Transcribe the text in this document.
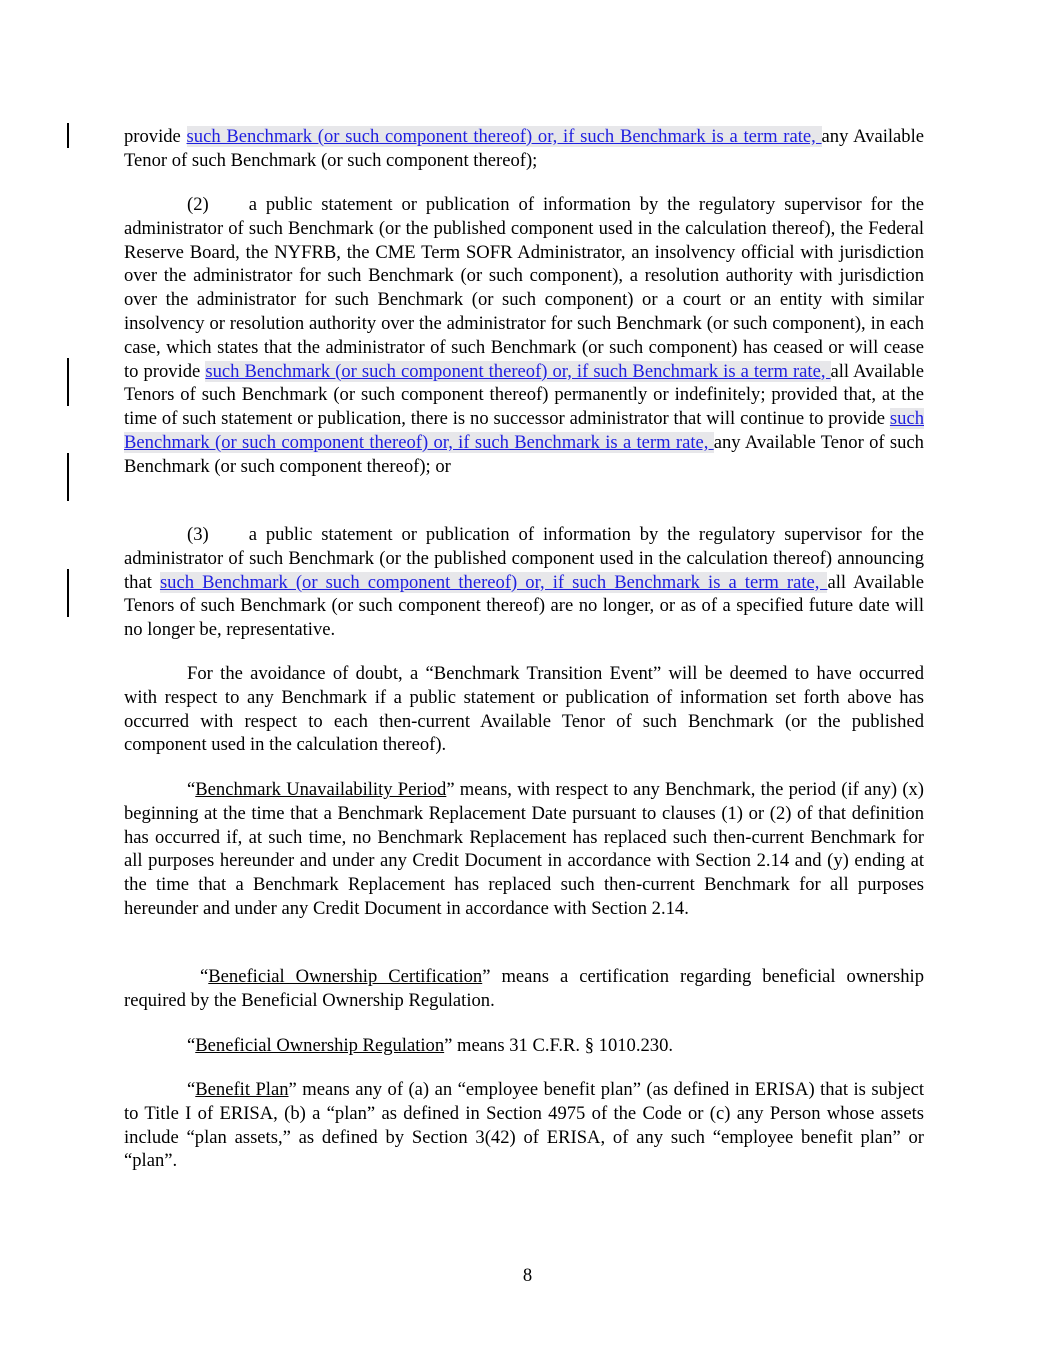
provide such Benchmark (or such component thereof) or, if such Benchmark is a term rate, any Available Tenor of such Benchmark (or such component thereof);

(2) a public statement or publication of information by the regulatory supervisor for the administrator of such Benchmark (or the published component used in the calculation thereof), the Federal Reserve Board, the NYFRB, the CME Term SOFR Administrator, an insolvency official with jurisdiction over the administrator for such Benchmark (or such component), a resolution authority with jurisdiction over the administrator for such Benchmark (or such component) or a court or an entity with similar insolvency or resolution authority over the administrator for such Benchmark (or such component), in each case, which states that the administrator of such Benchmark (or such component) has ceased or will cease to provide such Benchmark (or such component thereof) or, if such Benchmark is a term rate, all Available Tenors of such Benchmark (or such component thereof) permanently or indefinitely; provided that, at the time of such statement or publication, there is no successor administrator that will continue to provide such Benchmark (or such component thereof) or, if such Benchmark is a term rate, any Available Tenor of such Benchmark (or such component thereof); or

(3) a public statement or publication of information by the regulatory supervisor for the administrator of such Benchmark (or the published component used in the calculation thereof) announcing that such Benchmark (or such component thereof) or, if such Benchmark is a term rate, all Available Tenors of such Benchmark (or such component thereof) are no longer, or as of a specified future date will no longer be, representative.

For the avoidance of doubt, a “Benchmark Transition Event” will be deemed to have occurred with respect to any Benchmark if a public statement or publication of information set forth above has occurred with respect to each then-current Available Tenor of such Benchmark (or the published component used in the calculation thereof).

“Benchmark Unavailability Period” means, with respect to any Benchmark, the period (if any) (x) beginning at the time that a Benchmark Replacement Date pursuant to clauses (1) or (2) of that definition has occurred if, at such time, no Benchmark Replacement has replaced such then-current Benchmark for all purposes hereunder and under any Credit Document in accordance with Section 2.14 and (y) ending at the time that a Benchmark Replacement has replaced such then-current Benchmark for all purposes hereunder and under any Credit Document in accordance with Section 2.14.

“Beneficial Ownership Certification” means a certification regarding beneficial ownership required by the Beneficial Ownership Regulation.

“Beneficial Ownership Regulation” means 31 C.F.R. § 1010.230.

“Benefit Plan” means any of (a) an “employee benefit plan” (as defined in ERISA) that is subject to Title I of ERISA, (b) a “plan” as defined in Section 4975 of the Code or (c) any Person whose assets include “plan assets,” as defined by Section 3(42) of ERISA, of any such “employee benefit plan” or “plan”.

8
